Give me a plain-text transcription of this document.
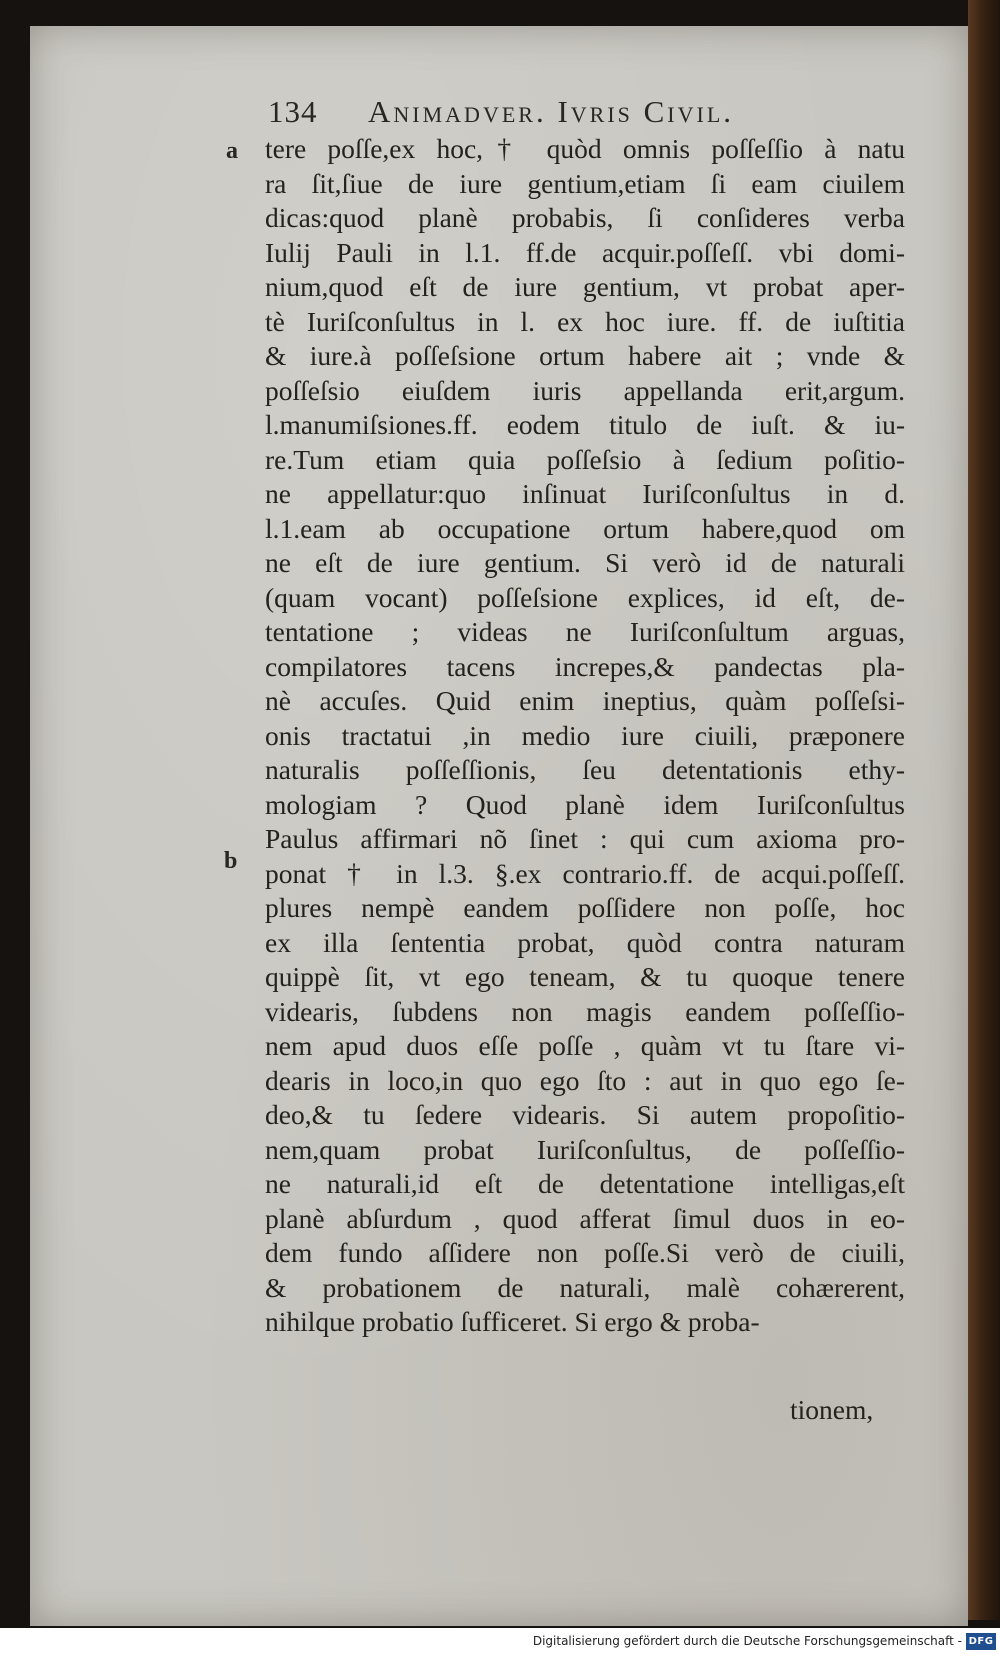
134 Animadver. Ivris Civil.
a
b
tere poſſe,ex hoc,† quòd omnis poſſeſſio à natu
ra ſit,ſiue de iure gentium,etiam ſi eam ciuilem
dicas:quod planè probabis, ſi conſideres verba
Iulij Pauli in l.1. ff.de acquir.poſſeſſ. vbi domi-
nium,quod eſt de iure gentium, vt probat aper-
tè Iuriſconſultus in l. ex hoc iure. ff. de iuſtitia
& iure.à poſſeſsione ortum habere ait ; vnde &
poſſeſsio eiuſdem iuris appellanda erit,argum.
l.manumiſsiones.ff. eodem titulo de iuſt. & iu-
re.Tum etiam quia poſſeſsio à ſedium poſitio-
ne appellatur:quo inſinuat Iuriſconſultus in d.
l.1.eam ab occupatione ortum habere,quod om
ne eſt de iure gentium. Si verò id de naturali
(quam vocant) poſſeſsione explices, id eſt, de-
tentatione ; videas ne Iuriſconſultum arguas,
compilatores tacens increpes,& pandectas pla-
nè accuſes. Quid enim ineptius, quàm poſſeſsi-
onis tractatui ,in medio iure ciuili, præponere
naturalis poſſeſſionis, ſeu detentationis ethy-
mologiam ? Quod planè idem Iuriſconſultus
Paulus affirmari nõ ſinet : qui cum axioma pro-
ponat † in l.3. §.ex contrario.ff. de acqui.poſſeſſ.
plures nempè eandem poſſidere non poſſe, hoc
ex illa ſententia probat, quòd contra naturam
quippè ſit, vt ego teneam, & tu quoque tenere
videaris, ſubdens non magis eandem poſſeſſio-
nem apud duos eſſe poſſe , quàm vt tu ſtare vi-
dearis in loco,in quo ego ſto : aut in quo ego ſe-
deo,& tu ſedere videaris. Si autem propoſitio-
nem,quam probat Iuriſconſultus, de poſſeſſio-
ne naturali,id eſt de detentatione intelligas,eſt
planè abſurdum , quod afferat ſimul duos in eo-
dem fundo aſſidere non poſſe.Si verò de ciuili,
& probationem de naturali, malè cohærerent,
nihilque probatio ſufficeret. Si ergo & proba-
tionem,
Digitalisierung gefördert durch die Deutsche Forschungsgemeinschaft - DFG
